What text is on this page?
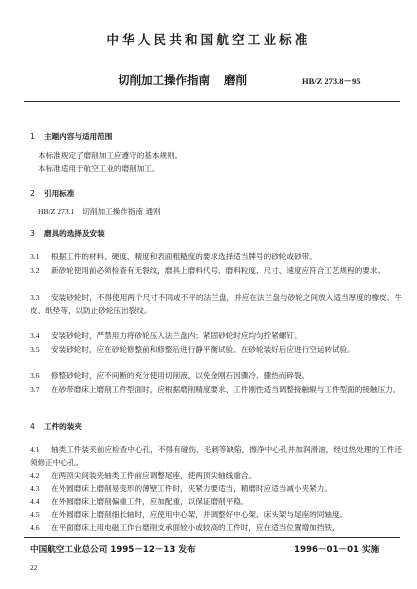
中华人民共和国航空工业标准
切削加工操作指南 磨削	HB/Z 273.8－95
1 主题内容与适用范围
本标准规定了磨削加工应遵守的基本规则。
本标准适用于航空工业的磨削加工。
2 引用标准
HB/Z 273.1 切削加工操作指南 通则
3 磨具的选择及安装
3.1 根据工件的材料、硬度、精度和表面粗糙度的要求选择适当牌号的砂轮或砂带。
3.2 新砂轮使用前必须检查有无裂纹，磨具上磨料代号、磨料粒度、尺寸、速度应符合工艺规程的要求。
3.3 安装砂轮时，不得使用两个尺寸不同或不平的法兰盘，并应在法兰盘与砂轮之间放入适当厚度的橡皮、牛皮、纸垫等，以防止砂轮压出裂纹。
3.4 安装砂轮时，严禁用力将砂轮压入法兰盘内；紧固砂轮时应均匀拧紧螺钉。
3.5 安装砂轮时，应在砂轮修整前和修整后进行静平衡试验。在砂轮装好后应进行空运转试验。
3.6 修整砂轮时，应不间断的充分使用切削液，以免金刚石因骤冷、骤热而碎裂。
3.7 在砂带磨床上磨削工件型面时，应根据磨削精度要求、工件刚性适当调整接触辊与工件型面的接触压力。
4 工件的装夹
4.1 轴类工件装夹前应检查中心孔，不得有碰伤、毛刺等缺陷，擦净中心孔并加润滑油，经过热处理的工件还须修正中心孔。
4.2 在两顶尖间装夹轴类工件前应调整尾座，使两顶尖轴线重合。
4.3 在外圆磨床上磨削易变形的薄壁工件时，夹紧力要适当，精磨时应适当减小夹紧力。
4.4 在外圆磨床上磨削偏重工件，应加配重，以保证磨削平稳。
4.5 在外圆磨床上磨削细长轴时，应使用中心架，并调整好中心架、床头架与尾座的同轴度。
4.6 在平面磨床上用电磁工作台磨削支承面较小或较高的工件时，应在适当位置增加挡铁，
中国航空工业总公司 1995－12－13 发布	1996－01－01 实施
22
